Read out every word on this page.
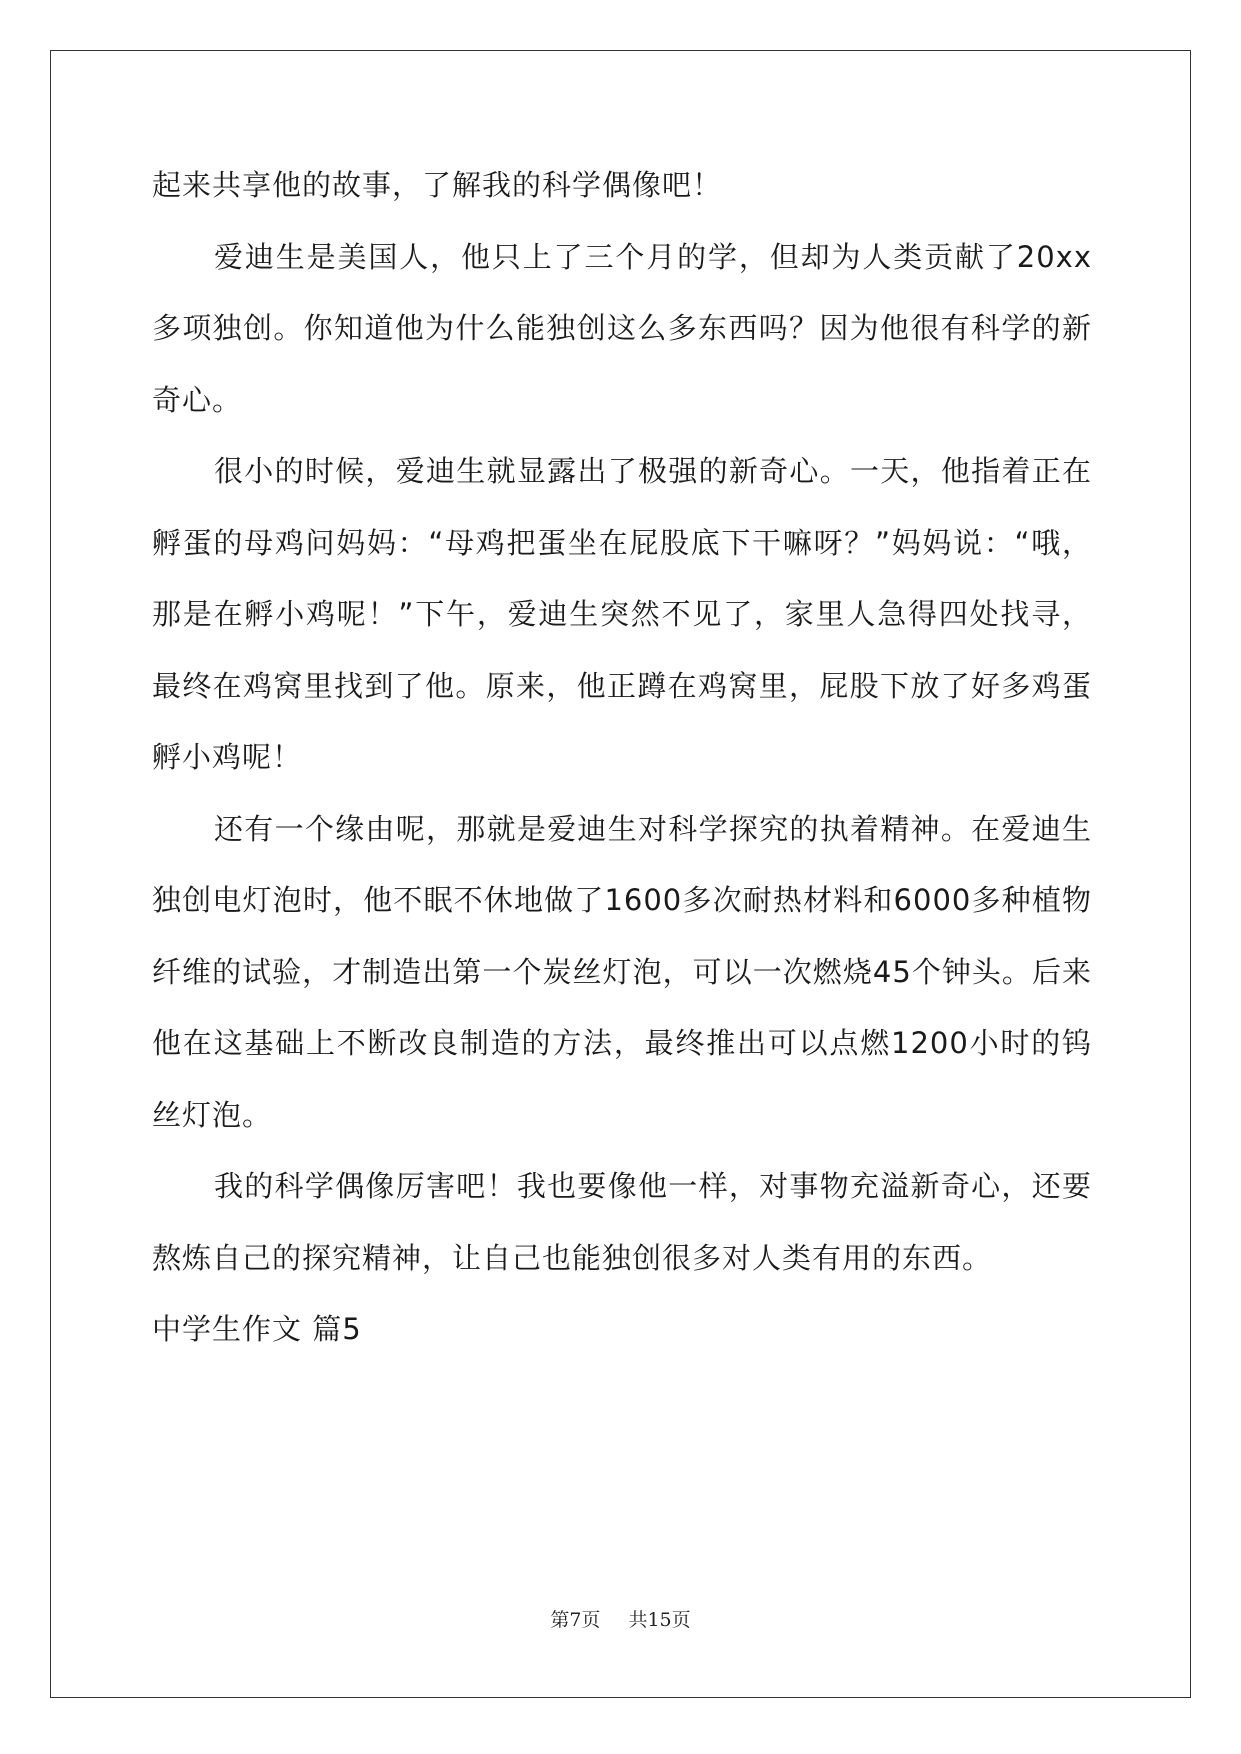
起来共享他的故事，了解我的科学偶像吧！

爱迪生是美国人，他只上了三个月的学，但却为人类贡献了20xx多项独创。你知道他为什么能独创这么多东西吗？因为他很有科学的新奇心。

很小的时候，爱迪生就显露出了极强的新奇心。一天，他指着正在孵蛋的母鸡问妈妈：“母鸡把蛋坐在屁股底下干嘛呀？”妈妈说：“哦，那是在孵小鸡呢！”下午，爱迪生突然不见了，家里人急得四处找寻，最终在鸡窝里找到了他。原来，他正蹲在鸡窝里，屁股下放了好多鸡蛋孵小鸡呢！

还有一个缘由呢，那就是爱迪生对科学探究的执着精神。在爱迪生独创电灯泡时，他不眠不休地做了1600多次耐热材料和6000多种植物纤维的试验，才制造出第一个炭丝灯泡，可以一次燃烧45个钟头。后来他在这基础上不断改良制造的方法，最终推出可以点燃1200小时的钨丝灯泡。

我的科学偶像厉害吧！我也要像他一样，对事物充溢新奇心，还要熬炼自己的探究精神，让自己也能独创很多对人类有用的东西。

中学生作文 篇5

第7页 共15页
